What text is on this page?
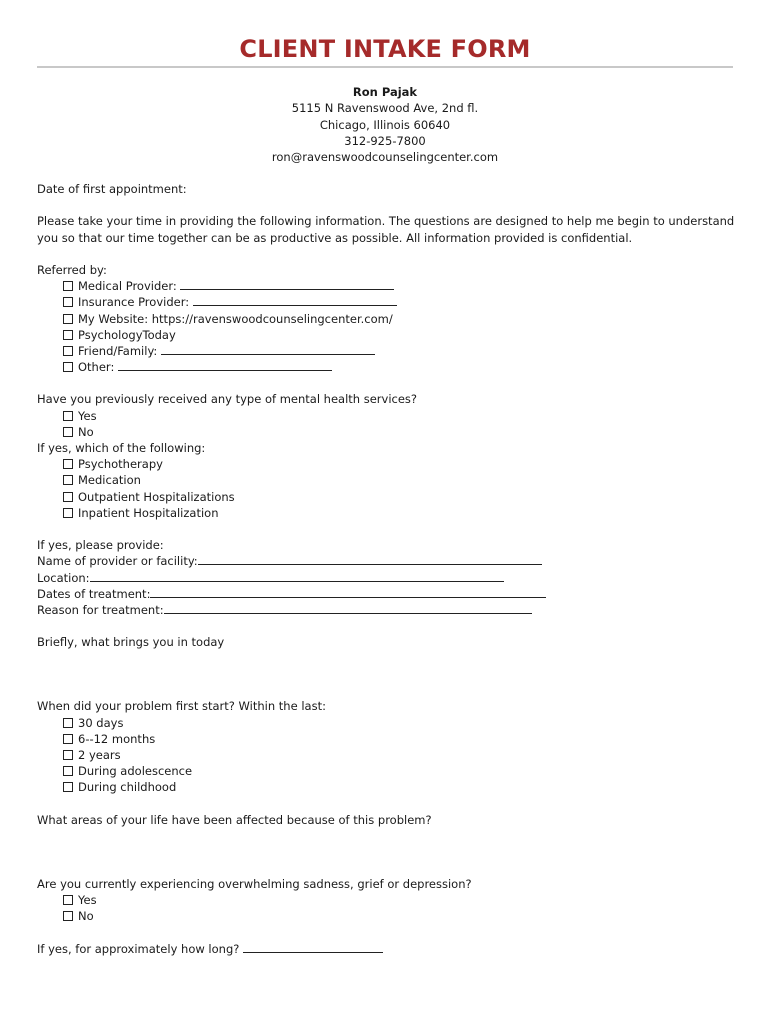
CLIENT INTAKE FORM
Ron Pajak
5115 N Ravenswood Ave, 2nd fl.
Chicago, Illinois 60640
312-925-7800
ron@ravenswoodcounselingcenter.com
Date of first appointment:
Please take your time in providing the following information. The questions are designed to help me begin to understand you so that our time together can be as productive as possible. All information provided is confidential.
Referred by:
Medical Provider:
Insurance Provider:
My Website: https://ravenswoodcounselingcenter.com/
PsychologyToday
Friend/Family:
Other:
Have you previously received any type of mental health services?
Yes
No
If yes, which of the following:
Psychotherapy
Medication
Outpatient Hospitalizations
Inpatient Hospitalization
If yes, please provide:
Name of provider or facility:
Location:
Dates of treatment:
Reason for treatment:
Briefly, what brings you in today
When did your problem first start? Within the last:
30 days
6--12 months
2 years
During adolescence
During childhood
What areas of your life have been affected because of this problem?
Are you currently experiencing overwhelming sadness, grief or depression?
Yes
No
If yes, for approximately how long?
